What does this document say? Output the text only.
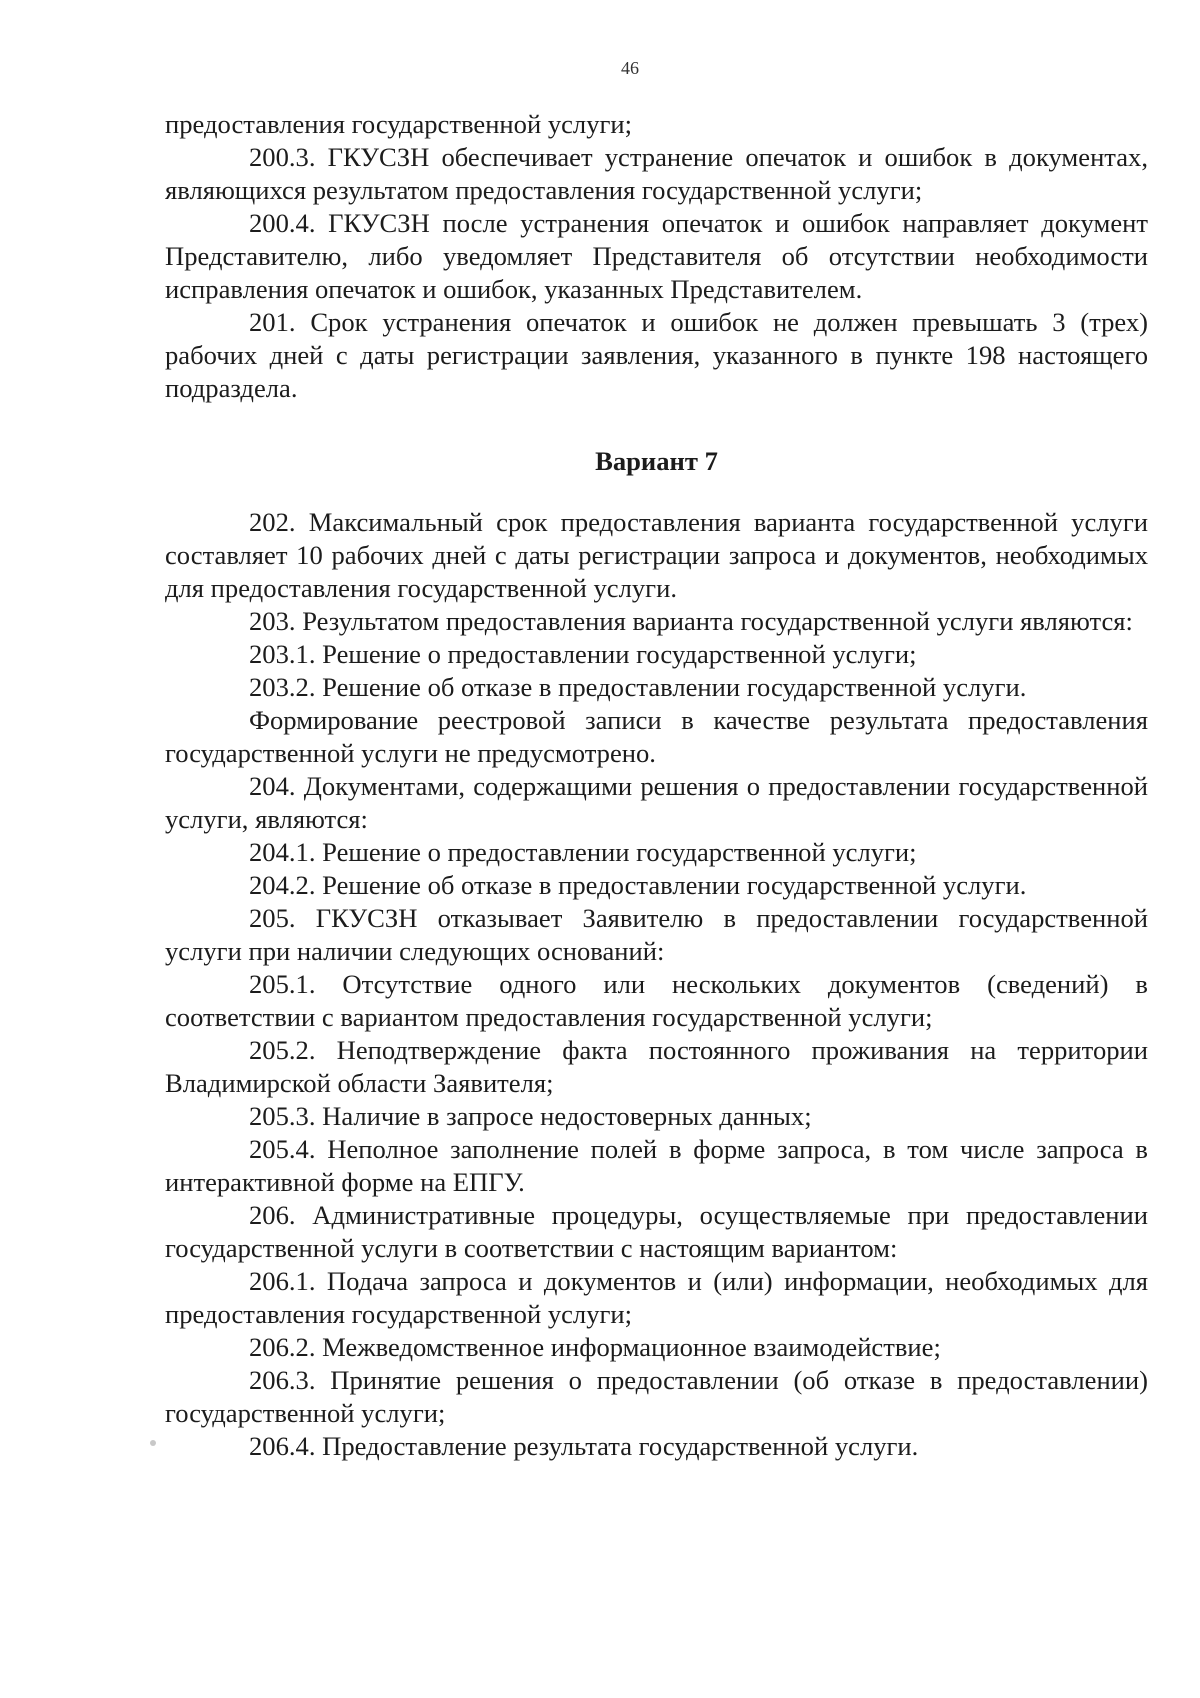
46

предоставления государственной услуги;

200.3. ГКУСЗН обеспечивает устранение опечаток и ошибок в документах, являющихся результатом предоставления государственной услуги;

200.4. ГКУСЗН после устранения опечаток и ошибок направляет документ Представителю, либо уведомляет Представителя об отсутствии необходимости исправления опечаток и ошибок, указанных Представителем.

201. Срок устранения опечаток и ошибок не должен превышать 3 (трех) рабочих дней с даты регистрации заявления, указанного в пункте 198 настоящего подраздела.

Вариант 7

202. Максимальный срок предоставления варианта государственной услуги составляет 10 рабочих дней с даты регистрации запроса и документов, необходимых для предоставления государственной услуги.

203. Результатом предоставления варианта государственной услуги являются:

203.1. Решение о предоставлении государственной услуги;

203.2. Решение об отказе в предоставлении государственной услуги.

Формирование реестровой записи в качестве результата предоставления государственной услуги не предусмотрено.

204. Документами, содержащими решения о предоставлении государственной услуги, являются:

204.1. Решение о предоставлении государственной услуги;

204.2. Решение об отказе в предоставлении государственной услуги.

205. ГКУСЗН отказывает Заявителю в предоставлении государственной услуги при наличии следующих оснований:

205.1. Отсутствие одного или нескольких документов (сведений) в соответствии с вариантом предоставления государственной услуги;

205.2. Неподтверждение факта постоянного проживания на территории Владимирской области Заявителя;

205.3. Наличие в запросе недостоверных данных;

205.4. Неполное заполнение полей в форме запроса, в том числе запроса в интерактивной форме на ЕПГУ.

206. Административные процедуры, осуществляемые при предоставлении государственной услуги в соответствии с настоящим вариантом:

206.1. Подача запроса и документов и (или) информации, необходимых для предоставления государственной услуги;

206.2. Межведомственное информационное взаимодействие;

206.3. Принятие решения о предоставлении (об отказе в предоставлении) государственной услуги;

206.4. Предоставление результата государственной услуги.
